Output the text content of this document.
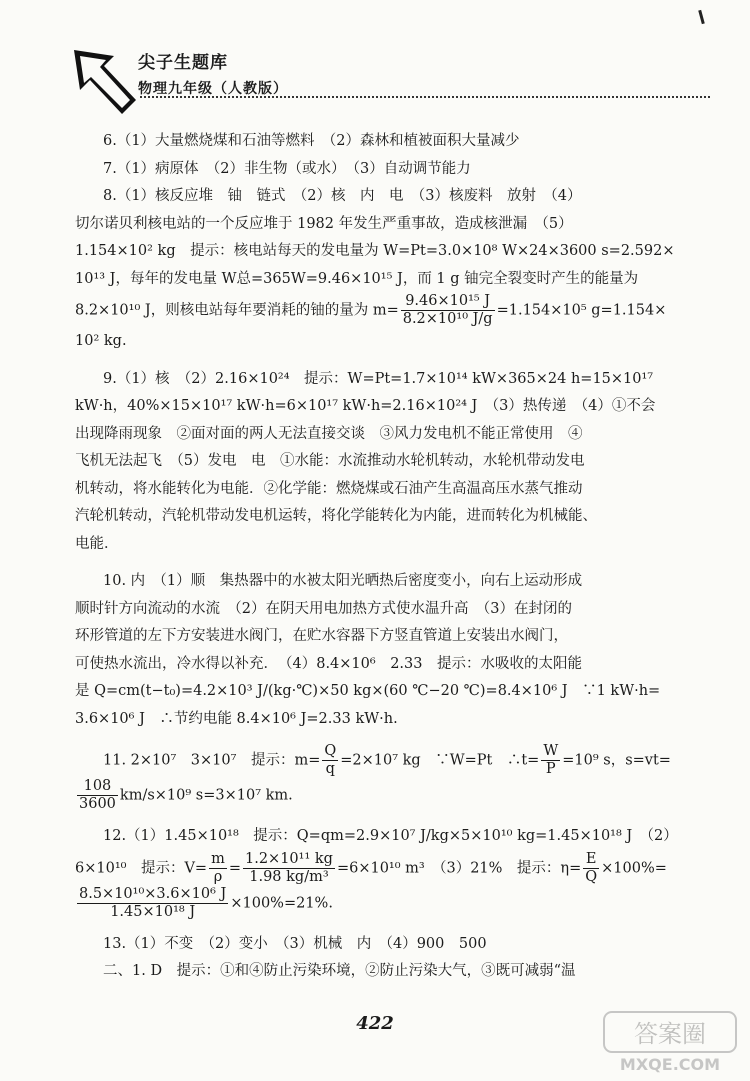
尖子生题库
物理九年级（人教版）
6.（1）大量燃烧煤和石油等燃料　（2）森林和植被面积大量减少
7.（1）病原体　（2）非生物（或水）　（3）自动调节能力
8.（1）核反应堆　铀　链式　（2）核　内　电　（3）核废料　放射　（4）
切尔诺贝利核电站的一个反应堆于 1982 年发生严重事故，造成核泄漏　（5）
1.154×10² kg　提示：核电站每天的发电量为 W=Pt=3.0×10⁸ W×24×3600 s=2.592×
10¹³ J，每年的发电量 W总=365W=9.46×10¹⁵ J，而 1 g 铀完全裂变时产生的能量为
8.2×10¹⁰ J，则核电站每年要消耗的铀的量为 $m= \frac{\text{9.46×10¹⁵ J}}{\text{8.2×10¹⁰ J/g}} =1.154\times 10^5$ g=1.154×
10² kg.
9.（1）核　（2）2.16×10²⁴　提示：W=Pt=1.7×10¹⁴ kW×365×24 h=15×10¹⁷
kW·h，40%×15×10¹⁷ kW·h=6×10¹⁷ kW·h=2.16×10²⁴ J　（3）热传递　（4）①不会
出现降雨现象　②面对面的两人无法直接交谈　③风力发电机不能正常使用　④
飞机无法起飞　（5）发电　电　①水能：水流推动水轮机转动，水轮机带动发电
机转动，将水能转化为电能．②化学能：燃烧煤或石油产生高温高压水蒸气推动
汽轮机转动，汽轮机带动发电机运转，将化学能转化为内能，进而转化为机械能、
电能．
10. 内　（1）顺　集热器中的水被太阳光晒热后密度变小，向右上运动形成
顺时针方向流动的水流　（2）在阴天用电加热方式使水温升高　（3）在封闭的
环形管道的左下方安装进水阀门，在贮水容器下方竖直管道上安装出水阀门，
可使热水流出，冷水得以补充．　（4）8.4×10⁶　2.33　提示：水吸收的太阳能
是 Q=cm(t−t₀)=4.2×10³ J/(kg·℃)×50 kg×(60 ℃−20 ℃)=8.4×10⁶ J　∵1 kW·h=
3.6×10⁶ J　∴节约电能 8.4×10⁶ J=2.33 kW·h.
11. 2×10⁷　3×10⁷　提示：$m= \frac{Q}{q} =2\times 10^7$ kg　∵W=Pt　∴t= $\frac{W}{P} =10^9$ s，s=vt=
$\frac{108}{3600} km/s\times 10^9$ s=3×10⁷ km.
12.（1）1.45×10¹⁸　提示：Q=qm=2.9×10⁷ J/kg×5×10¹⁰ kg=1.45×10¹⁸ J　（2）
6×10¹⁰　提示：$V= \frac{m}{\rho} = \frac{\text{1.2×10¹¹ kg}}{\text{1.98 kg/m³}} =6\times 10^{10}$ m³　（3）21%　提示：$\eta= \frac{E}{Q} \times 100\%=$
$\frac{\text{8.5×10¹⁰×3.6×10⁶ J}}{\text{1.45×10¹⁸ J}} \times 100\%=21\%$.
13.（1）不变　（2）变小　（3）机械　内　（4）900　500
二、1. D　提示：①和④防止污染环境，②防止污染大气，③既可减弱“温
422	答案圈
MXQE.COM
